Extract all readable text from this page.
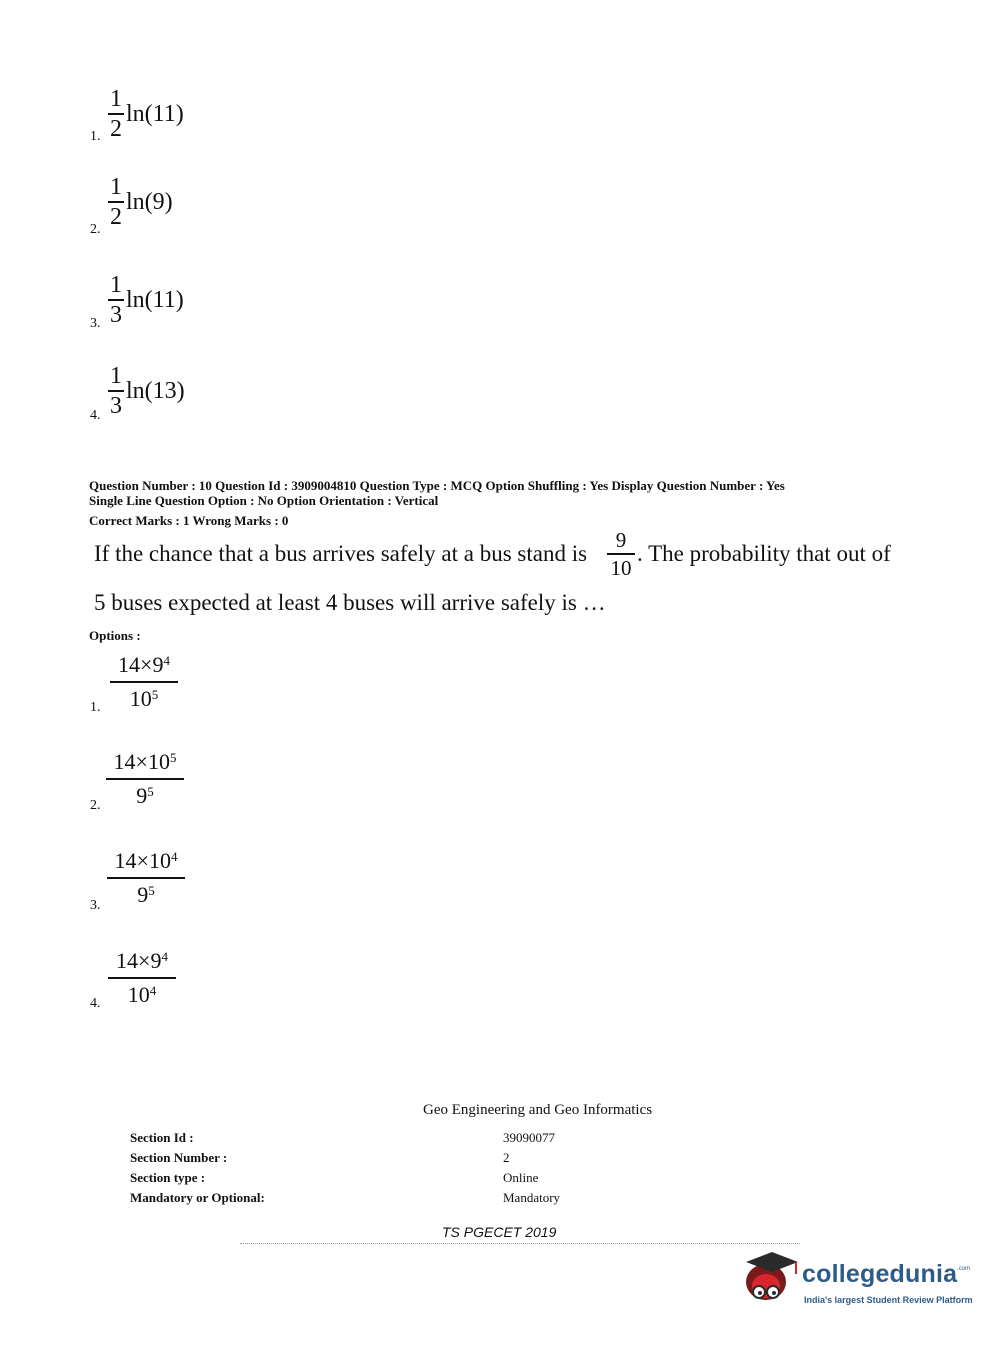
1.
1
2
ln(11)
2.
1
2
ln(9)
3.
1
3
ln(11)
4.
1
3
ln(13)
Question Number : 10 Question Id : 3909004810 Question Type : MCQ Option Shuffling : Yes Display Question Number : Yes
Single Line Question Option : No Option Orientation : Vertical
Correct Marks : 1 Wrong Marks : 0
If the chance that a bus arrives safely at a bus stand is
9
10
. The probability that out of
5 buses expected at least 4 buses will arrive safely is …
Options :
1.
$14\times 9^4$
$10^5$
2.
$14\times 10^5$
$9^5$
3.
$14\times 10^4$
$9^5$
4.
$14\times 9^4$
$10^4$
Geo Engineering and Geo Informatics
Section Id :	39090077
Section Number :	2
Section type :	Online
Mandatory or Optional:	Mandatory
TS PGECET 2019
collegedunia .com
India's largest Student Review Platform
